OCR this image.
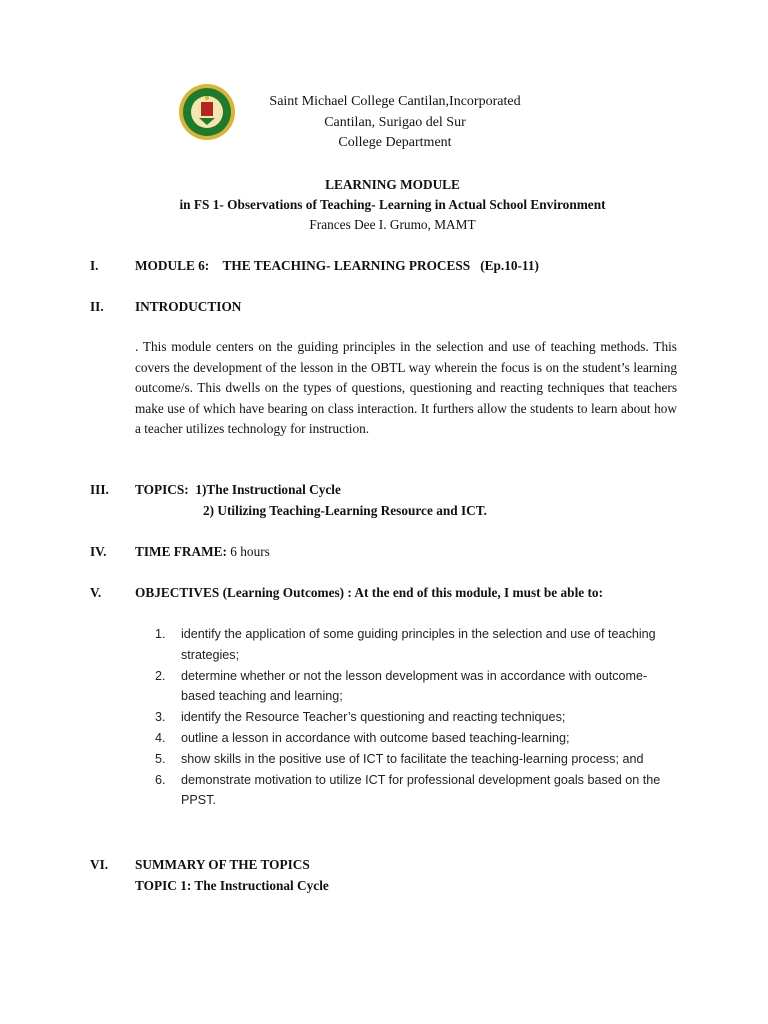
Saint Michael College Cantilan,Incorporated
Cantilan, Surigao del Sur
College Department
LEARNING MODULE
in FS 1- Observations of Teaching- Learning in Actual School Environment
Frances Dee I. Grumo, MAMT
I.	MODULE 6: THE TEACHING- LEARNING PROCESS (Ep.10-11)
II. INTRODUCTION
. This module centers on the guiding principles in the selection and use of teaching methods. This covers the development of the lesson in the OBTL way wherein the focus is on the student’s learning outcome/s. This dwells on the types of questions, questioning and reacting techniques that teachers make use of which have bearing on class interaction. It furthers allow the students to learn about how a teacher utilizes technology for instruction.
III. TOPICS: 1)The Instructional Cycle
2) Utilizing Teaching-Learning Resource and ICT.
IV. TIME FRAME: 6 hours
V.	OBJECTIVES (Learning Outcomes) : At the end of this module, I must be able to:
1. identify the application of some guiding principles in the selection and use of teaching strategies;
2. determine whether or not the lesson development was in accordance with outcome-based teaching and learning;
3. identify the Resource Teacher’s questioning and reacting techniques;
4. outline a lesson in accordance with outcome based teaching-learning;
5. show skills in the positive use of ICT to facilitate the teaching-learning process; and
6. demonstrate motivation to utilize ICT for professional development goals based on the PPST.
VI. SUMMARY OF THE TOPICS
TOPIC 1: The Instructional Cycle
